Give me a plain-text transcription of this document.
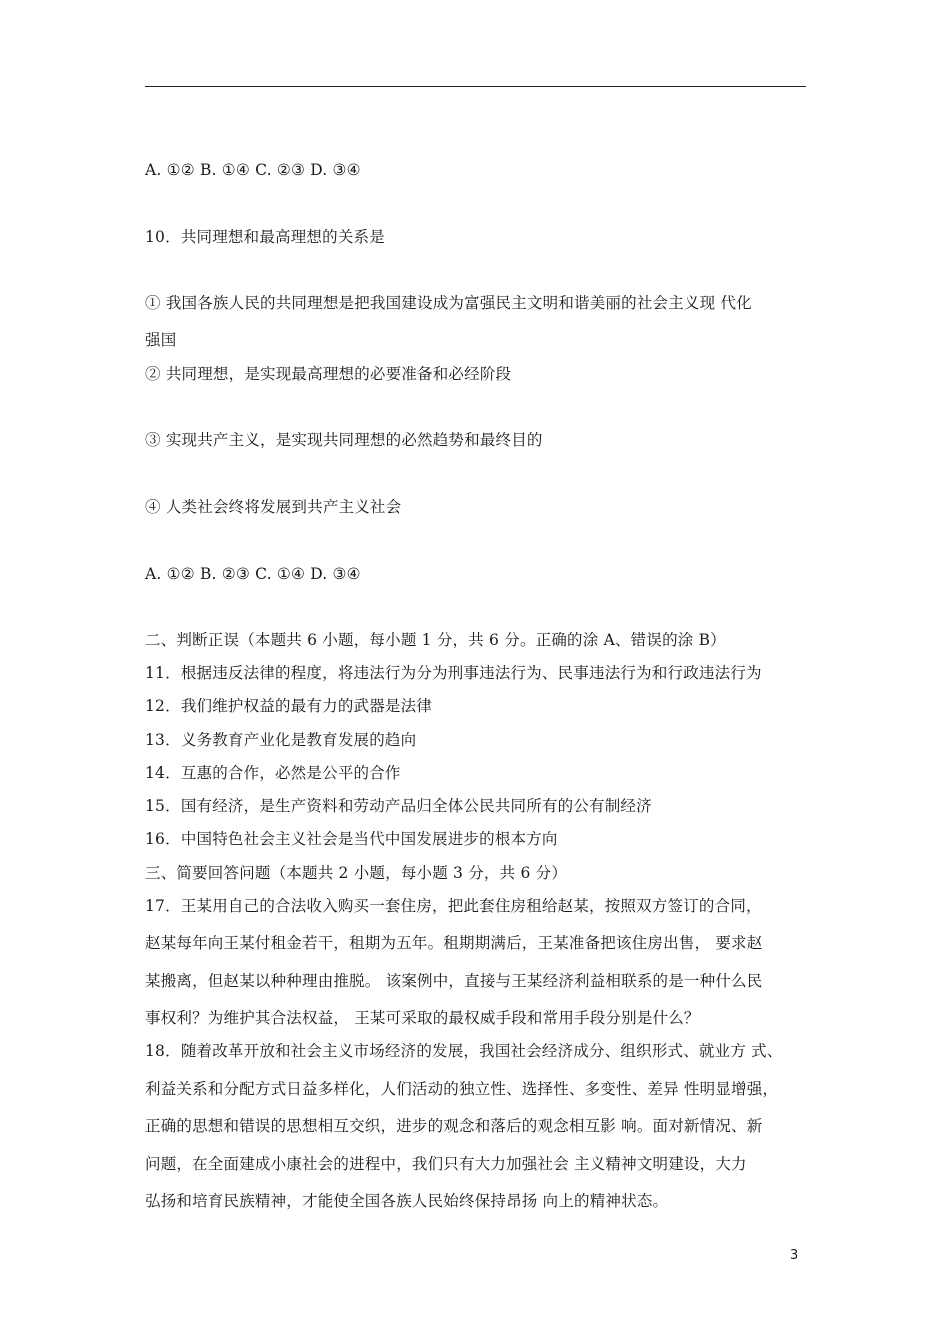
A. ①② B. ①④ C. ②③ D. ③④
10．共同理想和最高理想的关系是
① 我国各族人民的共同理想是把我国建设成为富强民主文明和谐美丽的社会主义现 代化
强国
② 共同理想，是实现最高理想的必要准备和必经阶段
③ 实现共产主义，是实现共同理想的必然趋势和最终目的
④ 人类社会终将发展到共产主义社会
A. ①② B. ②③ C. ①④ D. ③④
二、判断正误（本题共 6 小题，每小题 1 分，共 6 分。正确的涂 A、错误的涂 B）
11．根据违反法律的程度，将违法行为分为刑事违法行为、民事违法行为和行政违法行为
12．我们维护权益的最有力的武器是法律
13．义务教育产业化是教育发展的趋向
14．互惠的合作，必然是公平的合作
15．国有经济，是生产资料和劳动产品归全体公民共同所有的公有制经济
16．中国特色社会主义社会是当代中国发展进步的根本方向
三、简要回答问题（本题共 2 小题，每小题 3 分，共 6 分）
17．王某用自己的合法收入购买一套住房，把此套住房租给赵某，按照双方签订的合同，
赵某每年向王某付租金若干，租期为五年。租期期满后，王某准备把该住房出售， 要求赵
某搬离，但赵某以种种理由推脱。 该案例中，直接与王某经济利益相联系的是一种什么民
事权利？为维护其合法权益， 王某可采取的最权威手段和常用手段分别是什么？
18．随着改革开放和社会主义市场经济的发展，我国社会经济成分、组织形式、就业方 式、
利益关系和分配方式日益多样化，人们活动的独立性、选择性、多变性、差异 性明显增强，
正确的思想和错误的思想相互交织，进步的观念和落后的观念相互影 响。面对新情况、新
问题，在全面建成小康社会的进程中，我们只有大力加强社会 主义精神文明建设，大力
弘扬和培育民族精神，才能使全国各族人民始终保持昂扬 向上的精神状态。
3
